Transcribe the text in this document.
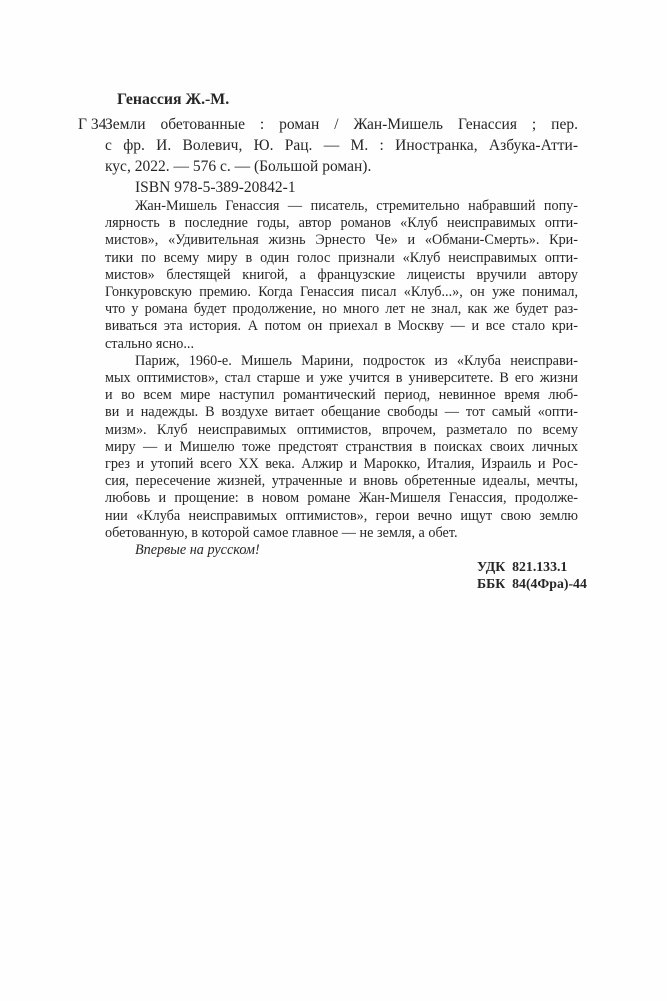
Генассия Ж.-М.
Г 34
Земли обетованные : роман / Жан-Мишель Генассия ; пер.
с фр. И. Волевич, Ю. Рац. — М. : Иностранка, Азбука-Атти-
кус, 2022. — 576 с. — (Большой роман).
ISBN 978-5-389-20842-1
Жан-Мишель Генассия — писатель, стремительно набравший попу-
лярность в последние годы, автор романов «Клуб неисправимых опти-
мистов», «Удивительная жизнь Эрнесто Че» и «Обмани-Смерть». Кри-
тики по всему миру в один голос признали «Клуб неисправимых опти-
мистов» блестящей книгой, а французские лицеисты вручили автору
Гонкуровскую премию. Когда Генассия писал «Клуб...», он уже понимал,
что у романа будет продолжение, но много лет не знал, как же будет раз-
виваться эта история. А потом он приехал в Москву — и все стало кри-
стально ясно...
Париж, 1960-е. Мишель Марини, подросток из «Клуба неисправи-
мых оптимистов», стал старше и уже учится в университете. В его жизни
и во всем мире наступил романтический период, невинное время люб-
ви и надежды. В воздухе витает обещание свободы — тот самый «опти-
мизм». Клуб неисправимых оптимистов, впрочем, разметало по всему
миру — и Мишелю тоже предстоят странствия в поисках своих личных
грез и утопий всего XX века. Алжир и Марокко, Италия, Израиль и Рос-
сия, пересечение жизней, утраченные и вновь обретенные идеалы, мечты,
любовь и прощение: в новом романе Жан-Мишеля Генассия, продолже-
нии «Клуба неисправимых оптимистов», герои вечно ищут свою землю
обетованную, в которой самое главное — не земля, а обет.
Впервые на русском!
УДК  821.133.1
ББК  84(4Фра)-44
